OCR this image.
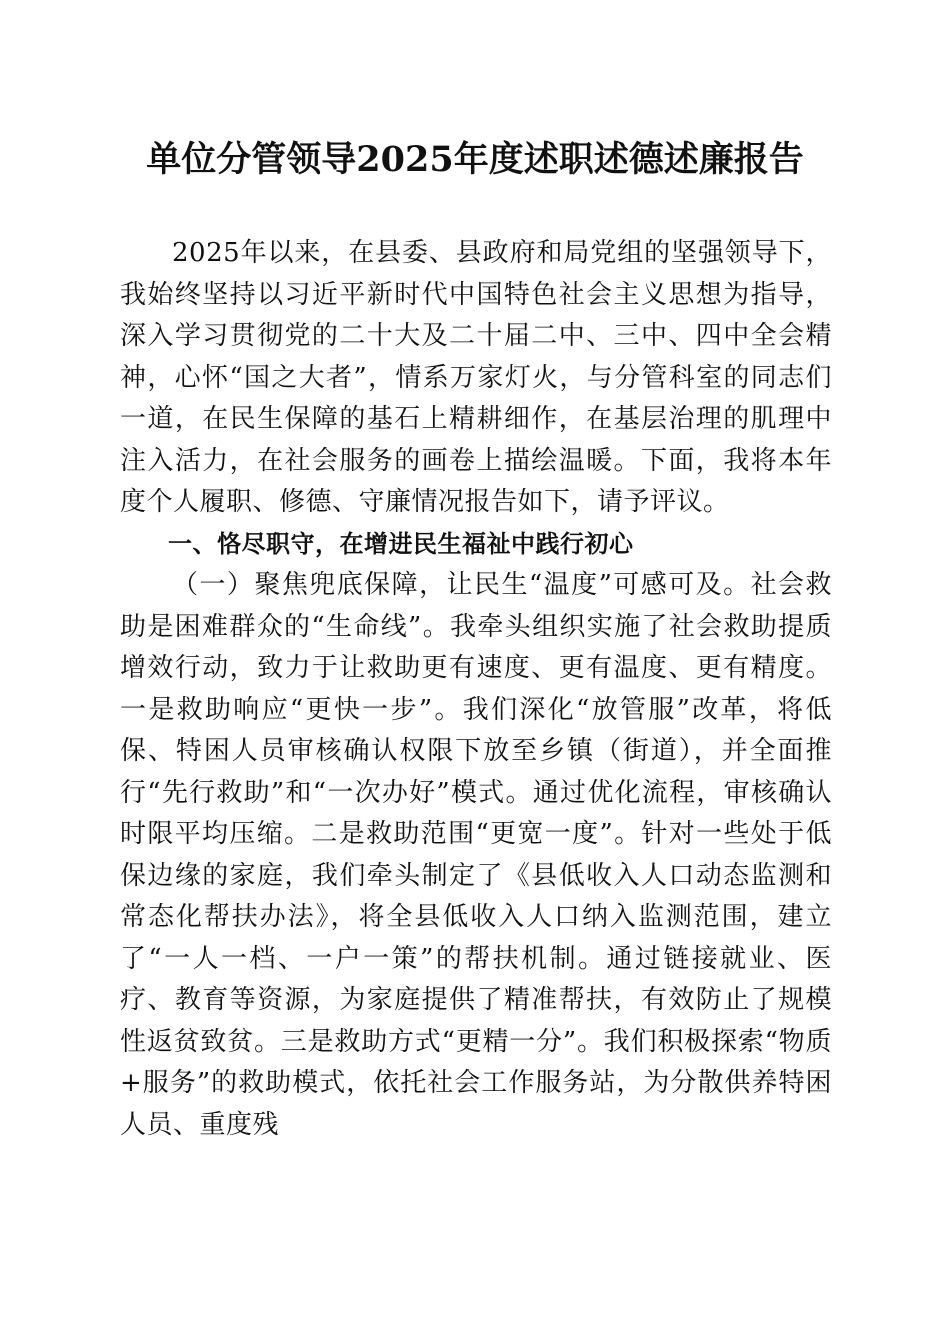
单位分管领导2025年度述职述德述廉报告

2025年以来，在县委、县政府和局党组的坚强领导下，我始终坚持以习近平新时代中国特色社会主义思想为指导，深入学习贯彻党的二十大及二十届二中、三中、四中全会精神，心怀“国之大者”，情系万家灯火，与分管科室的同志们一道，在民生保障的基石上精耕细作，在基层治理的肌理中注入活力，在社会服务的画卷上描绘温暖。下面，我将本年度个人履职、修德、守廉情况报告如下，请予评议。

一、恪尽职守，在增进民生福祉中践行初心

（一）聚焦兜底保障，让民生“温度”可感可及。社会救助是困难群众的“生命线”。我牵头组织实施了社会救助提质增效行动，致力于让救助更有速度、更有温度、更有精度。一是救助响应“更快一步”。我们深化“放管服”改革，将低保、特困人员审核确认权限下放至乡镇（街道），并全面推行“先行救助”和“一次办好”模式。通过优化流程，审核确认时限平均压缩。二是救助范围“更宽一度”。针对一些处于低保边缘的家庭，我们牵头制定了《县低收入人口动态监测和常态化帮扶办法》，将全县低收入人口纳入监测范围，建立了“一人一档、一户一策”的帮扶机制。通过链接就业、医疗、教育等资源，为家庭提供了精准帮扶，有效防止了规模性返贫致贫。三是救助方式“更精一分”。我们积极探索“物质+服务”的救助模式，依托社会工作服务站，为分散供养特困人员、重度残
